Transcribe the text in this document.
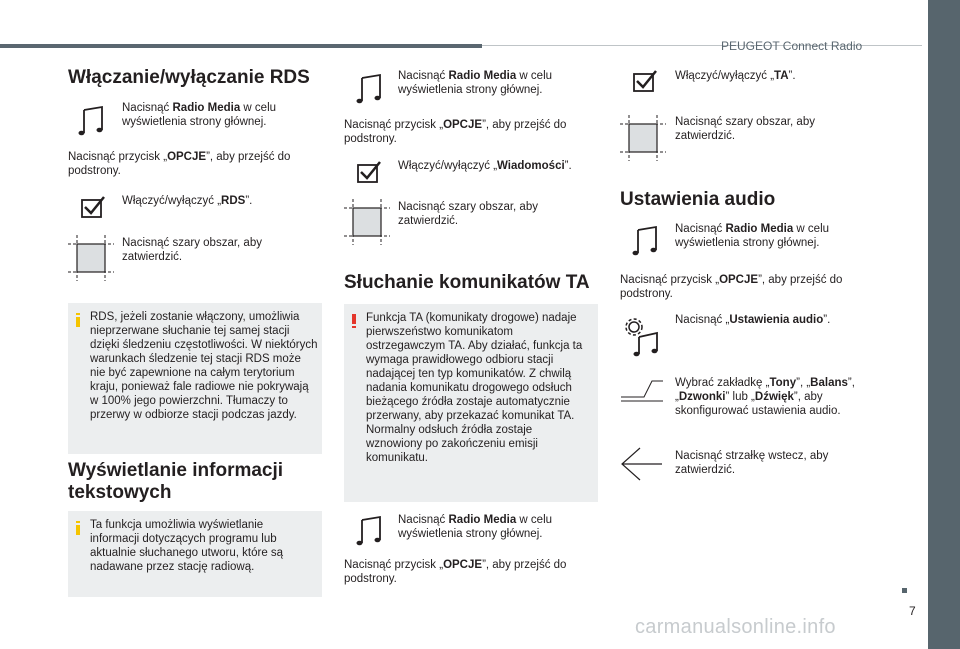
PEUGEOT Connect Radio
7
carmanualsonline.info
Włączanie/wyłączanie RDS
Nacisnąć Radio Media w celu wyświetlenia strony głównej.
Nacisnąć przycisk „OPCJE”, aby przejść do podstrony.
Włączyć/wyłączyć „RDS”.
Nacisnąć szary obszar, aby zatwierdzić.
RDS, jeżeli zostanie włączony, umożliwia nieprzerwane słuchanie tej samej stacji dzięki śledzeniu częstotliwości. W niektórych warunkach śledzenie tej stacji RDS może nie być zapewnione na całym terytorium kraju, ponieważ fale radiowe nie pokrywają w 100% jego powierzchni. Tłumaczy to przerwy w odbiorze stacji podczas jazdy.
Wyświetlanie informacji tekstowych
Ta funkcja umożliwia wyświetlanie informacji dotyczących programu lub aktualnie słuchanego utworu, które są nadawane przez stację radiową.
Nacisnąć Radio Media w celu wyświetlenia strony głównej.
Nacisnąć przycisk „OPCJE”, aby przejść do podstrony.
Włączyć/wyłączyć „Wiadomości”.
Nacisnąć szary obszar, aby zatwierdzić.
Słuchanie komunikatów TA
Funkcja TA (komunikaty drogowe) nadaje pierwszeństwo komunikatom ostrzegawczym TA. Aby działać, funkcja ta wymaga prawidłowego odbioru stacji nadającej ten typ komunikatów. Z chwilą nadania komunikatu drogowego odsłuch bieżącego źródła zostaje automatycznie przerwany, aby przekazać komunikat TA. Normalny odsłuch źródła zostaje wznowiony po zakończeniu emisji komunikatu.
Nacisnąć Radio Media w celu wyświetlenia strony głównej.
Nacisnąć przycisk „OPCJE”, aby przejść do podstrony.
Włączyć/wyłączyć „TA”.
Nacisnąć szary obszar, aby zatwierdzić.
Ustawienia audio
Nacisnąć Radio Media w celu wyświetlenia strony głównej.
Nacisnąć przycisk „OPCJE”, aby przejść do podstrony.
Nacisnąć „Ustawienia audio”.
Wybrać zakładkę „Tony”, „Balans”, „Dzwonki” lub „Dźwięk”, aby skonfigurować ustawienia audio.
Nacisnąć strzałkę wstecz, aby zatwierdzić.
